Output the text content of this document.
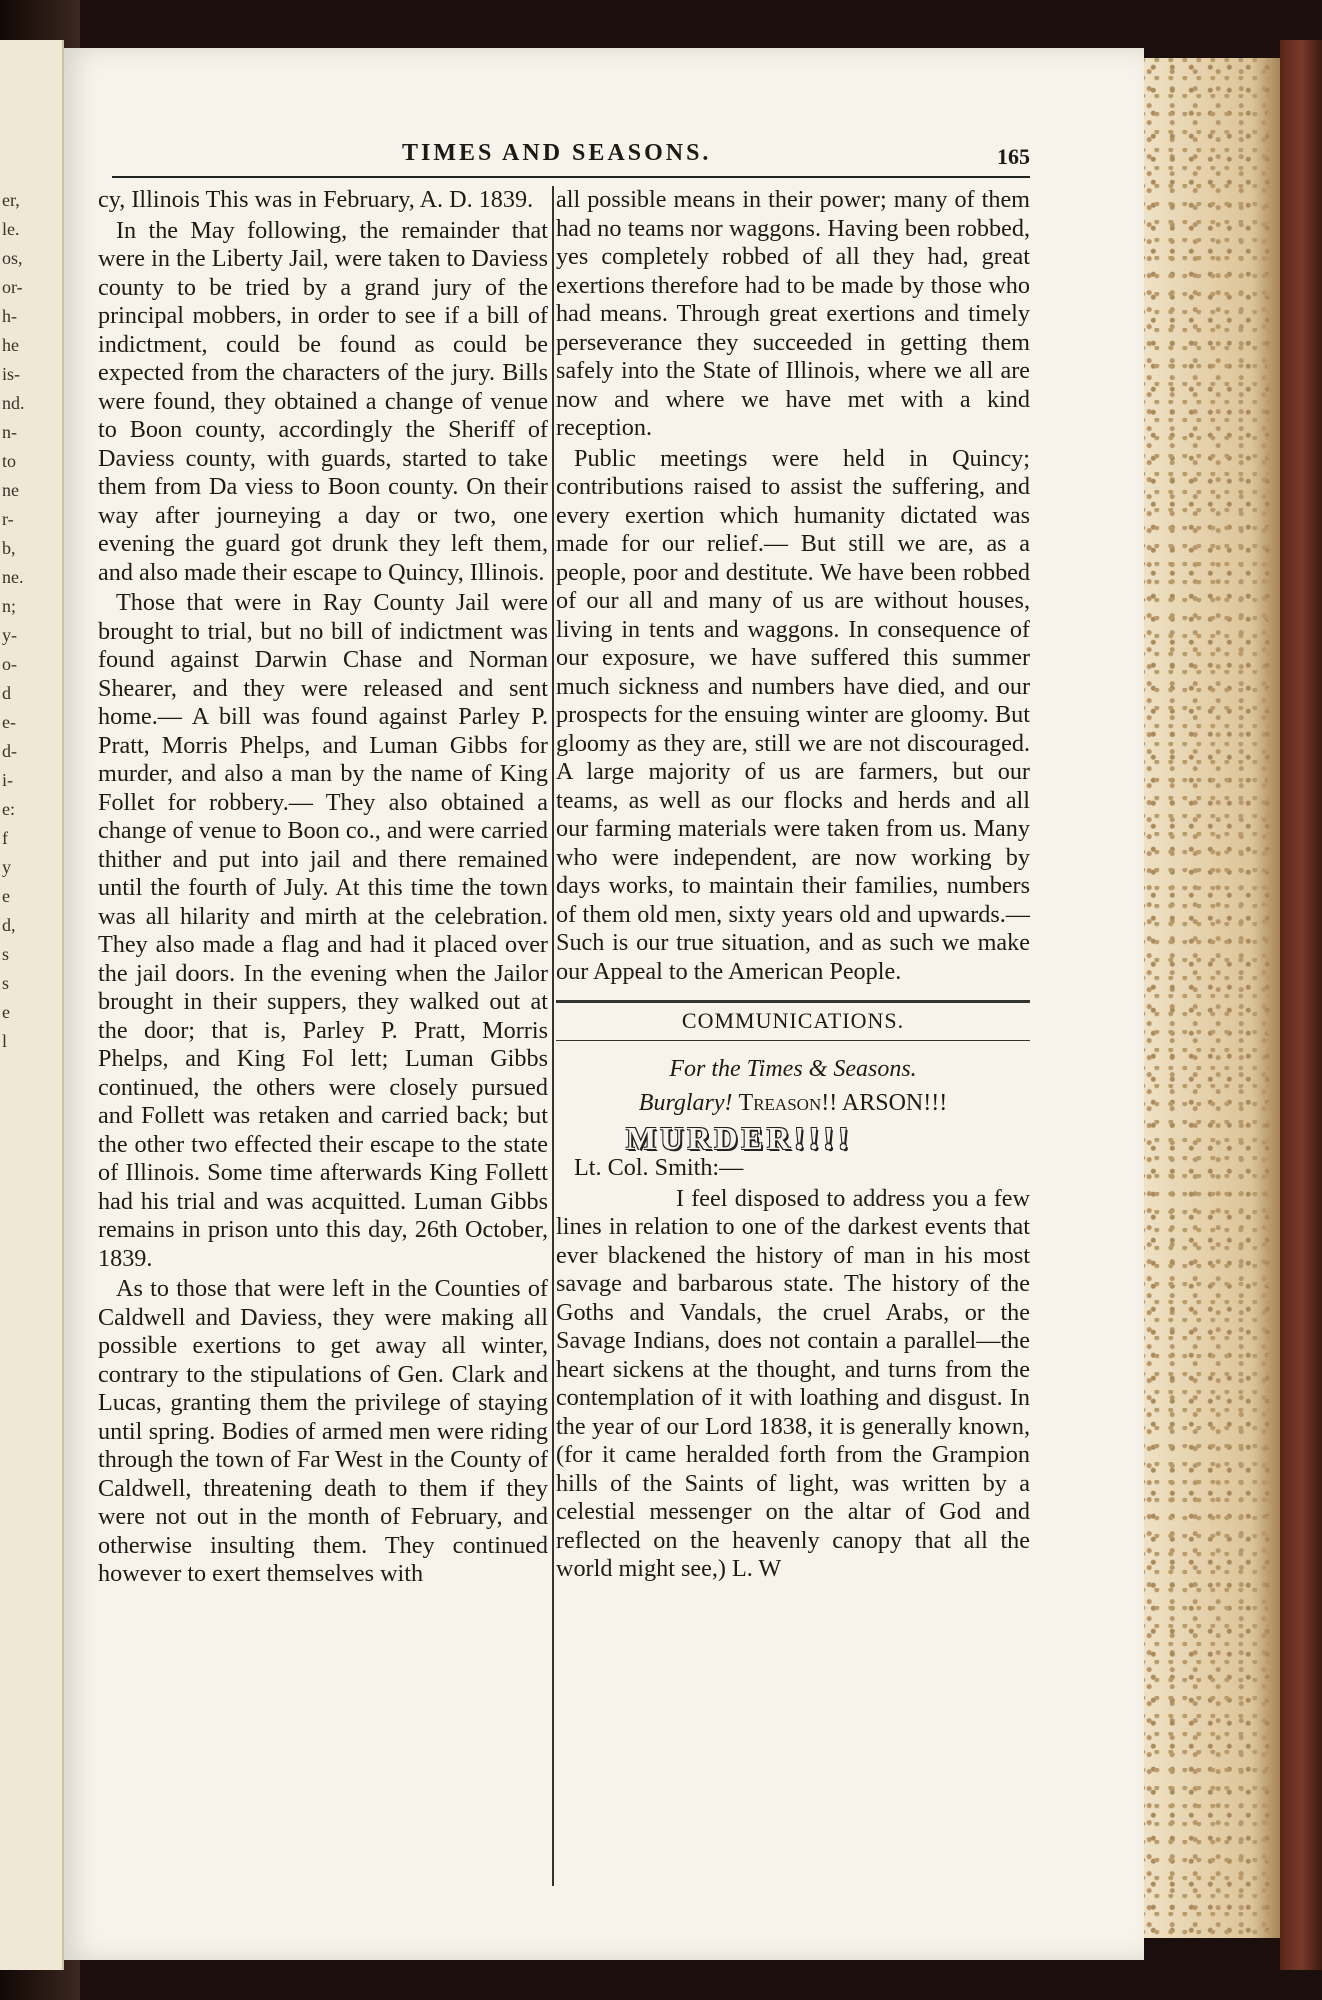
er,
le.
os,
or-
h-
he
is-
nd.
n-
to
ne
r-
b,
ne.
n;
y-
o-
d
e-
d-
i-
e:
f
y
e
d,
s
s
e
l
TIMES AND SEASONS.	165

cy, Illinois This was in February, A. D. 1839.

In the May following, the remainder that were in the Liberty Jail, were taken to Daviess county to be tried by a grand jury of the principal mobbers, in order to see if a bill of indictment, could be found as could be expected from the characters of the jury. Bills were found, they obtained a change of venue to Boon county, accordingly the Sheriff of Daviess county, with guards, started to take them from Da viess to Boon county. On their way after journeying a day or two, one evening the guard got drunk they left them, and also made their escape to Quincy, Illinois.

Those that were in Ray County Jail were brought to trial, but no bill of indictment was found against Darwin Chase and Norman Shearer, and they were released and sent home.— A bill was found against Parley P. Pratt, Morris Phelps, and Luman Gibbs for murder, and also a man by the name of King Follet for robbery.— They also obtained a change of venue to Boon co., and were carried thither and put into jail and there remained until the fourth of July. At this time the town was all hilarity and mirth at the celebration. They also made a flag and had it placed over the jail doors. In the evening when the Jailor brought in their suppers, they walked out at the door; that is, Parley P. Pratt, Morris Phelps, and King Fol lett; Luman Gibbs continued, the others were closely pursued and Follett was retaken and carried back; but the other two effected their escape to the state of Illinois. Some time afterwards King Follett had his trial and was acquitted. Luman Gibbs remains in prison unto this day, 26th October, 1839.

As to those that were left in the Counties of Caldwell and Daviess, they were making all possible exertions to get away all winter, contrary to the stipulations of Gen. Clark and Lucas, granting them the privilege of staying until spring. Bodies of armed men were riding through the town of Far West in the County of Caldwell, threatening death to them if they were not out in the month of February, and otherwise insulting them. They continued however to exert themselves with

all possible means in their power; many of them had no teams nor waggons. Having been robbed, yes completely robbed of all they had, great exertions therefore had to be made by those who had means. Through great exertions and timely perseverance they succeeded in getting them safely into the State of Illinois, where we all are now and where we have met with a kind reception.

Public meetings were held in Quincy; contributions raised to assist the suffering, and every exertion which humanity dictated was made for our relief.— But still we are, as a people, poor and destitute. We have been robbed of our all and many of us are without houses, living in tents and waggons. In consequence of our exposure, we have suffered this summer much sickness and numbers have died, and our prospects for the ensuing winter are gloomy. But gloomy as they are, still we are not discouraged. A large majority of us are farmers, but our teams, as well as our flocks and herds and all our farming materials were taken from us. Many who were independent, are now working by days works, to maintain their families, numbers of them old men, sixty years old and upwards.— Such is our true situation, and as such we make our Appeal to the American People.

COMMUNICATIONS.
For the Times & Seasons.
Burglary! Treason!! ARSON!!!
MURDER!!!!

Lt. Col. Smith:—

I feel disposed to address you a few lines in relation to one of the darkest events that ever blackened the history of man in his most savage and barbarous state. The history of the Goths and Vandals, the cruel Arabs, or the Savage Indians, does not contain a parallel—the heart sickens at the thought, and turns from the contemplation of it with loathing and disgust. In the year of our Lord 1838, it is generally known, (for it came heralded forth from the Grampion hills of the Saints of light, was written by a celestial messenger on the altar of God and reflected on the heavenly canopy that all the world might see,) L. W
